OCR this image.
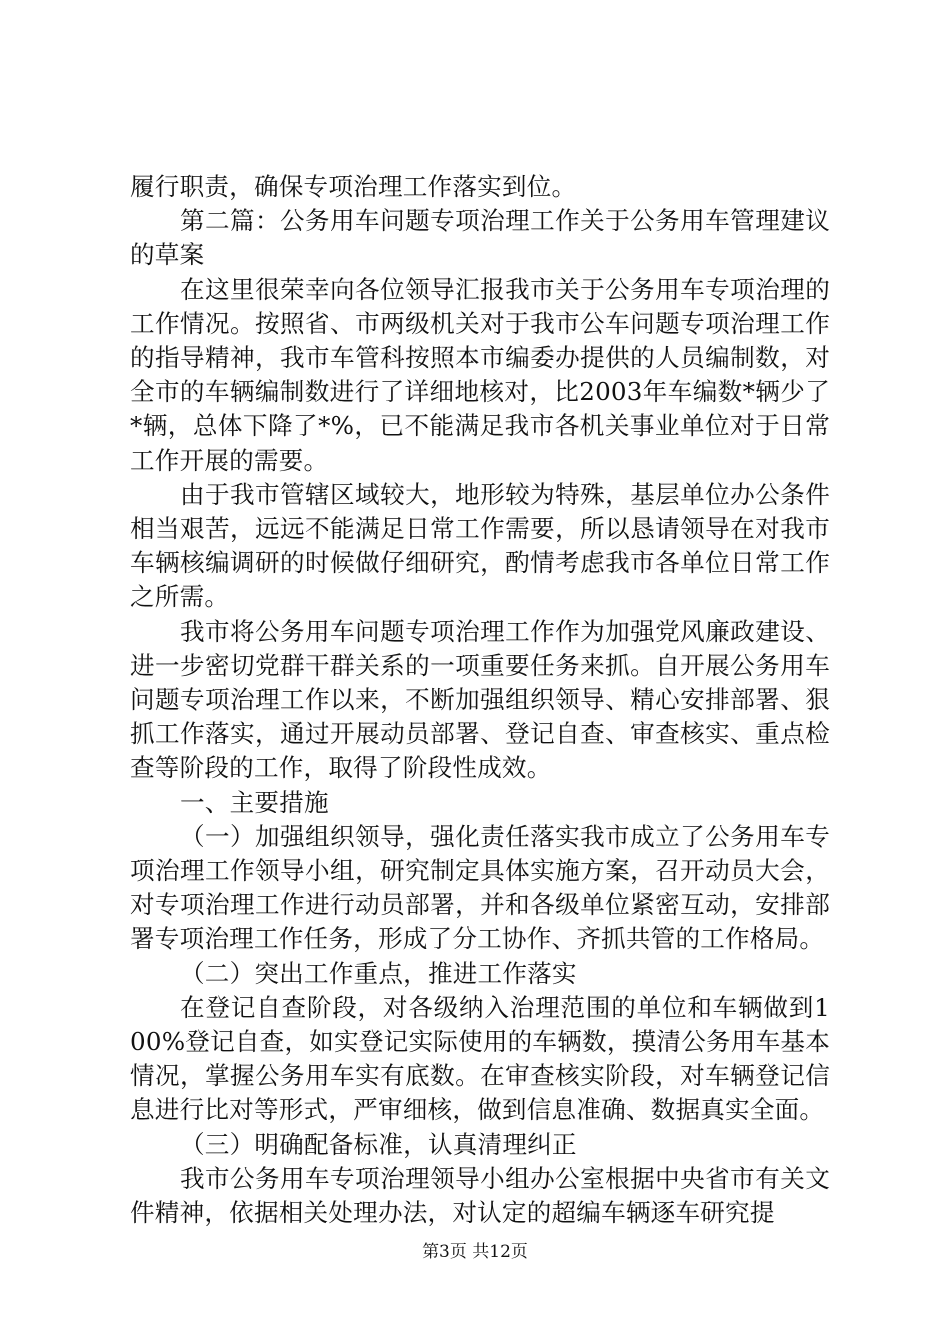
履行职责，确保专项治理工作落实到位。

第二篇：公务用车问题专项治理工作关于公务用车管理建议的草案

在这里很荣幸向各位领导汇报我市关于公务用车专项治理的工作情况。按照省、市两级机关对于我市公车问题专项治理工作的指导精神，我市车管科按照本市编委办提供的人员编制数，对全市的车辆编制数进行了详细地核对，比2003年车编数*辆少了*辆，总体下降了*%，已不能满足我市各机关事业单位对于日常工作开展的需要。

由于我市管辖区域较大，地形较为特殊，基层单位办公条件相当艰苦，远远不能满足日常工作需要，所以恳请领导在对我市车辆核编调研的时候做仔细研究，酌情考虑我市各单位日常工作之所需。

我市将公务用车问题专项治理工作作为加强党风廉政建设、进一步密切党群干群关系的一项重要任务来抓。自开展公务用车问题专项治理工作以来，不断加强组织领导、精心安排部署、狠抓工作落实，通过开展动员部署、登记自查、审查核实、重点检查等阶段的工作，取得了阶段性成效。

一、主要措施

（一）加强组织领导，强化责任落实我市成立了公务用车专项治理工作领导小组，研究制定具体实施方案，召开动员大会，对专项治理工作进行动员部署，并和各级单位紧密互动，安排部署专项治理工作任务，形成了分工协作、齐抓共管的工作格局。

（二）突出工作重点，推进工作落实

在登记自查阶段，对各级纳入治理范围的单位和车辆做到100%登记自查，如实登记实际使用的车辆数，摸清公务用车基本情况，掌握公务用车实有底数。在审查核实阶段，对车辆登记信息进行比对等形式，严审细核，做到信息准确、数据真实全面。

（三）明确配备标准，认真清理纠正

我市公务用车专项治理领导小组办公室根据中央省市有关文件精神，依据相关处理办法，对认定的超编车辆逐车研究提

第3页 共12页
